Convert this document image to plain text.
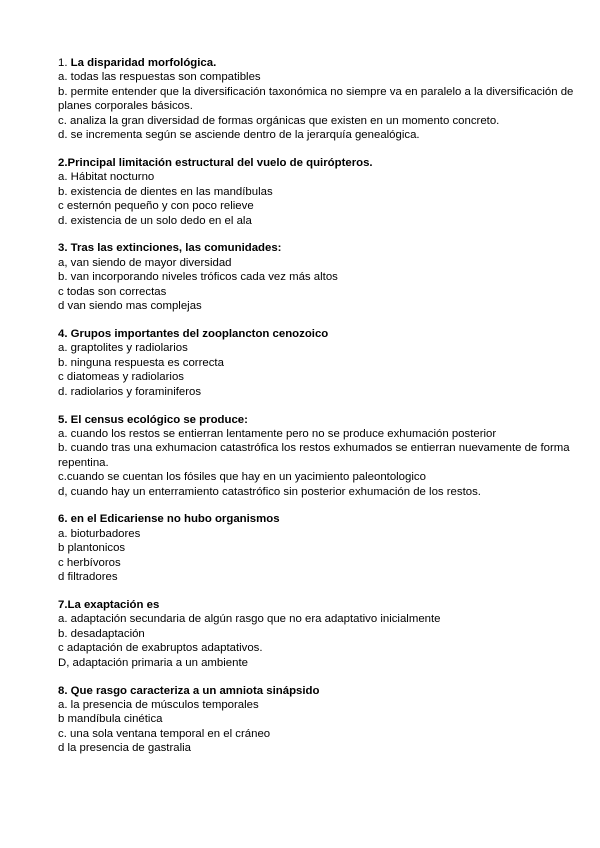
1. La disparidad morfológica.
a. todas las respuestas son compatibles
b. permite entender que la diversificación taxonómica no siempre va en paralelo a la diversificación de planes corporales básicos.
c. analiza la gran diversidad de formas orgánicas que existen en un momento concreto.
d. se incrementa según se asciende dentro de la jerarquía genealógica.
2.Principal limitación estructural del vuelo de quirópteros.
a. Hábitat nocturno
b. existencia de dientes en las mandíbulas
c esternón pequeño y con poco relieve
d. existencia de un solo dedo en el ala
3. Tras las extinciones, las comunidades:
a, van siendo de mayor diversidad
b. van incorporando niveles tróficos cada vez más altos
c todas son correctas
d van siendo mas complejas
4. Grupos importantes del zooplancton cenozoico
a. graptolites y radiolarios
b. ninguna respuesta es correcta
c diatomeas y radiolarios
d. radiolarios y foraminiferos
5. El census ecológico se produce:
a. cuando los restos se entierran lentamente pero no se produce exhumación posterior
b. cuando tras una exhumacion catastrófica los restos exhumados se entierran nuevamente de forma repentina.
c.cuando se cuentan los fósiles que hay en un yacimiento paleontologico
d, cuando hay un enterramiento catastrófico sin posterior exhumación de los restos.
6. en el Edicariense no hubo organismos
a. bioturbadores
b plantonicos
c herbívoros
d filtradores
7.La exaptación es
a. adaptación secundaria de algún rasgo que no era adaptativo inicialmente
b. desadaptación
c adaptación de exabruptos adaptativos.
D, adaptación primaria a un ambiente
8. Que rasgo caracteriza a un amniota sinápsido
a. la presencia de músculos temporales
b mandíbula cinética
c. una sola ventana temporal en el cráneo
d la presencia de gastralia
